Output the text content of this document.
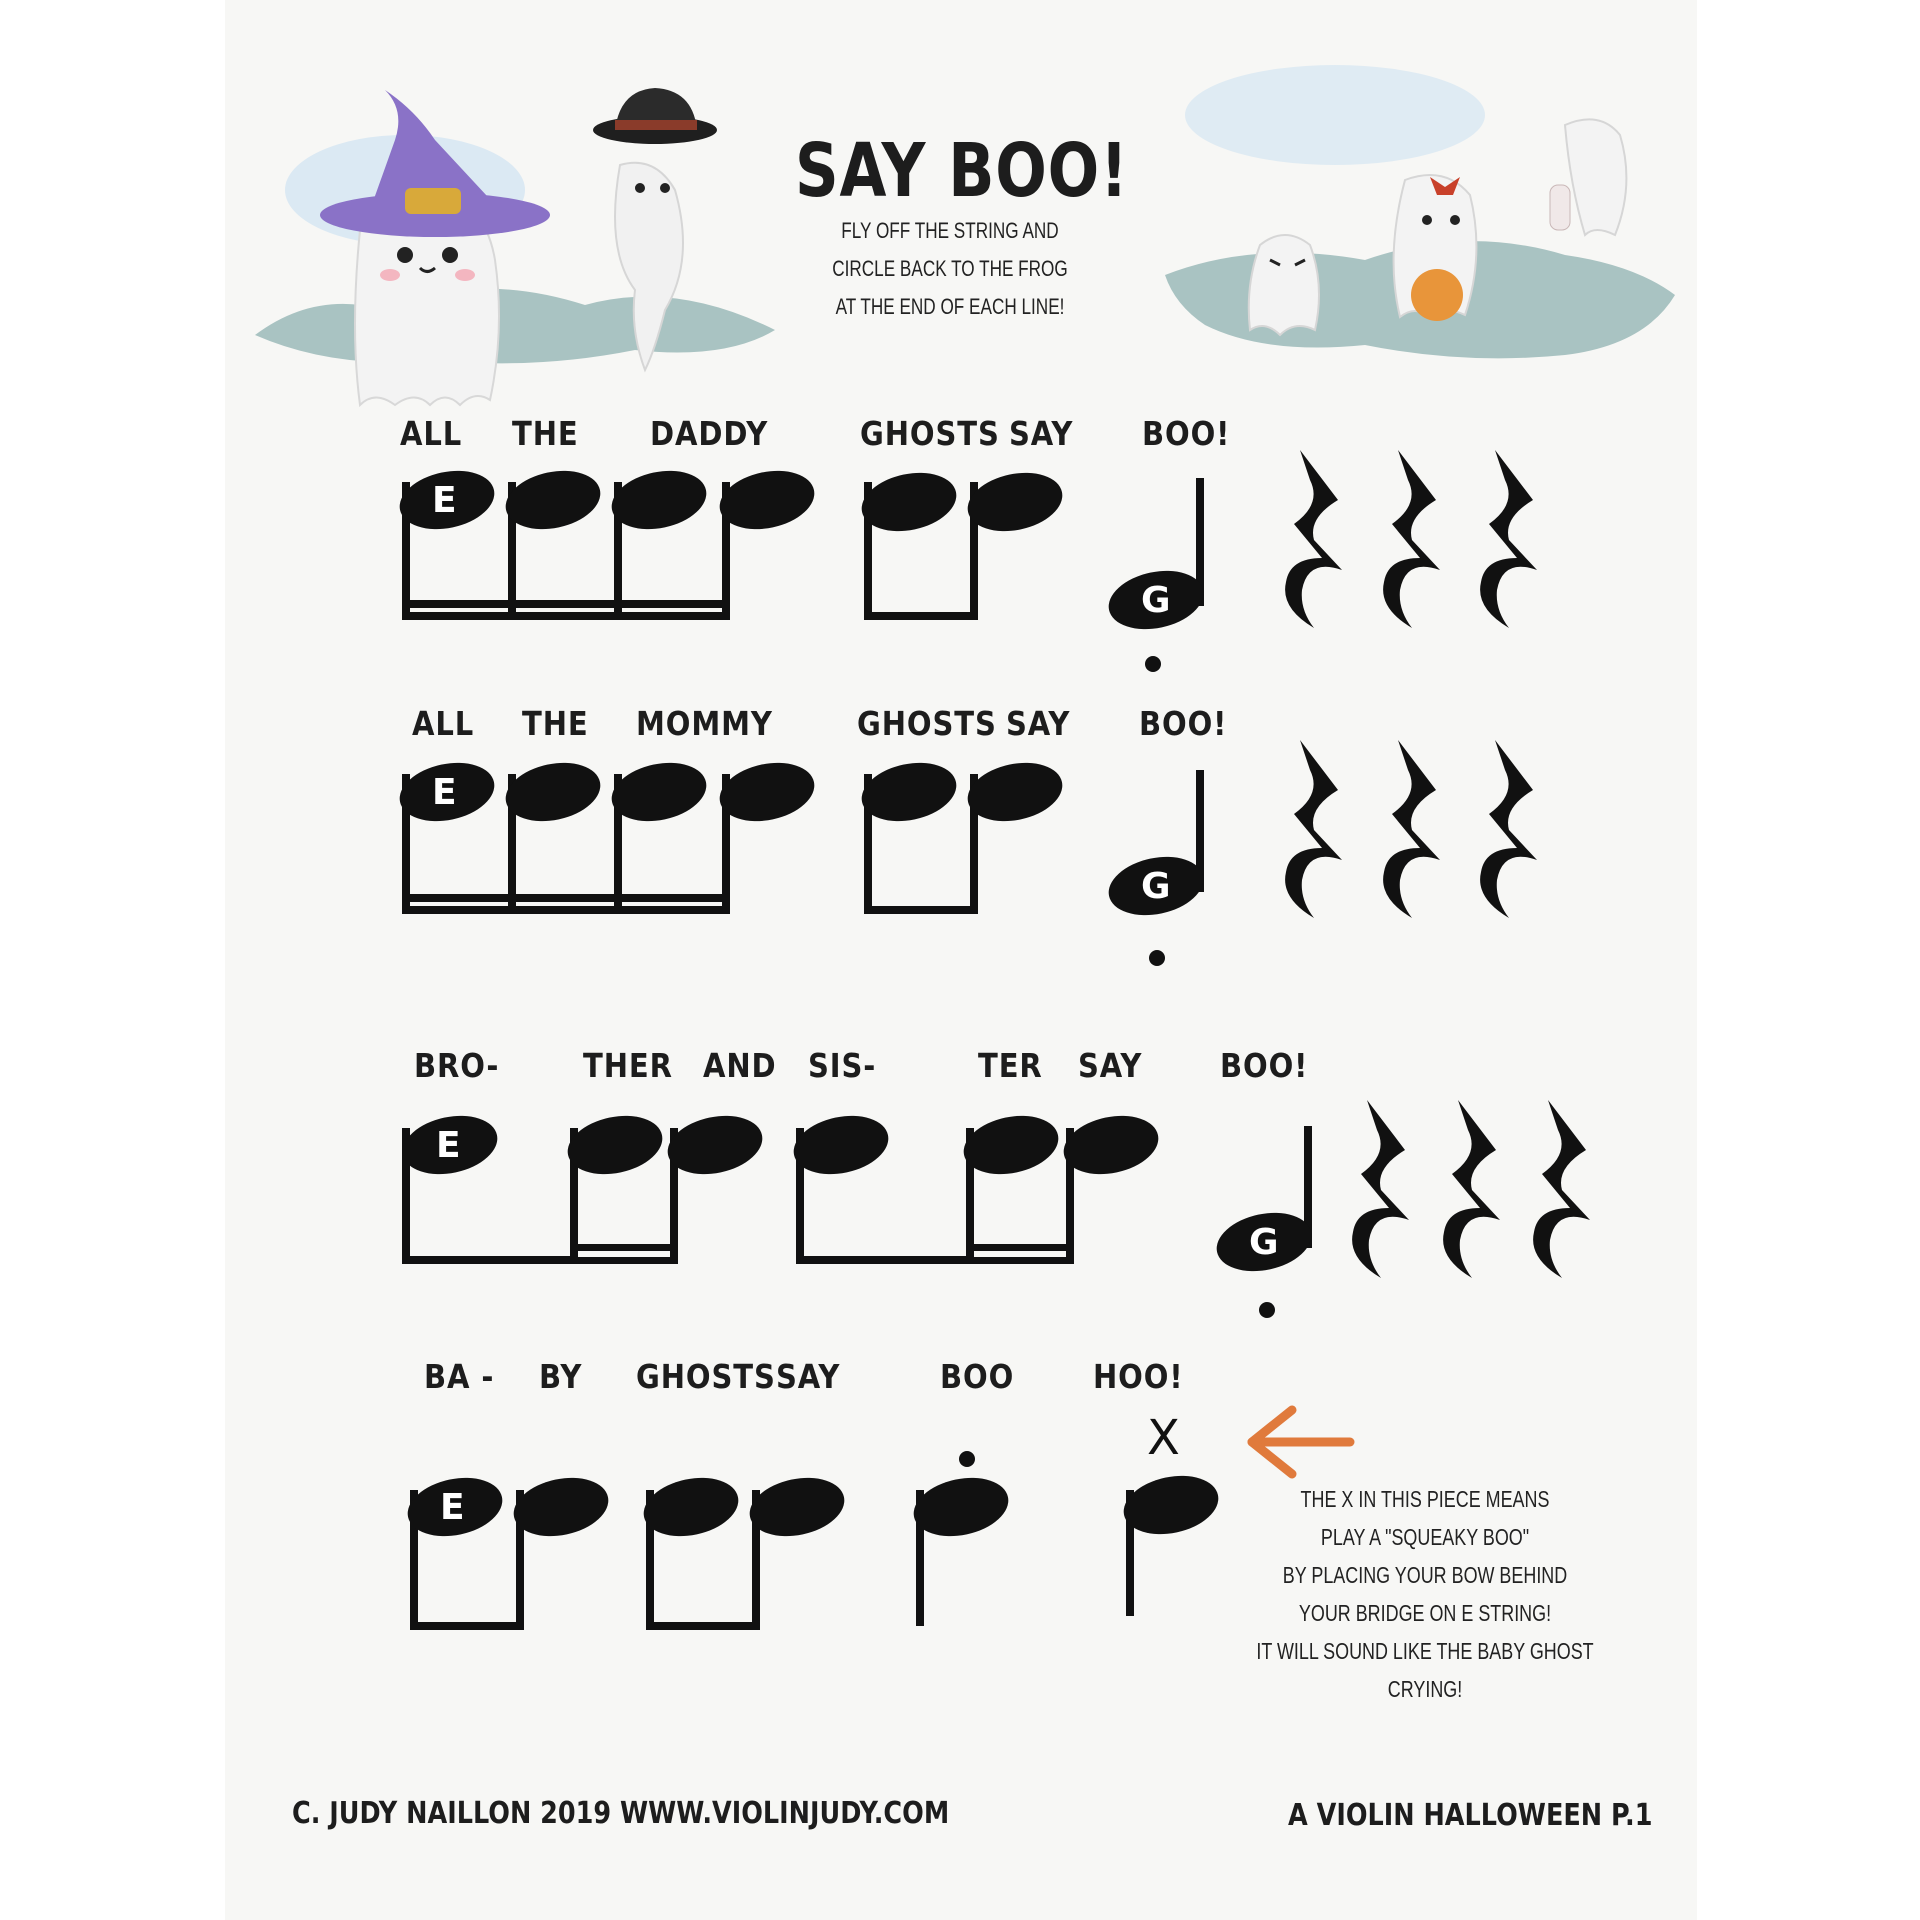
SAY BOO!
FLY OFF THE STRING AND
CIRCLE BACK TO THE FROG
AT THE END OF EACH LINE!
ALL THE DADDY	GHOSTS SAY BOO!
ALL THE MOMMY	GHOSTS SAY BOO!
BRO-	THER AND SIS-	TER SAY BOO!
BA - BY GHOSTS SAY	BOO HOO!
E
G
E
G
E
G
E
X
THE X IN THIS PIECE MEANS
PLAY A "SQUEAKY BOO"
BY PLACING YOUR BOW BEHIND
YOUR BRIDGE ON E STRING!
IT WILL SOUND LIKE THE BABY GHOST
CRYING!
C. JUDY NAILLON 2019 WWW.VIOLINJUDY.COM	A VIOLIN HALLOWEEN P.1
